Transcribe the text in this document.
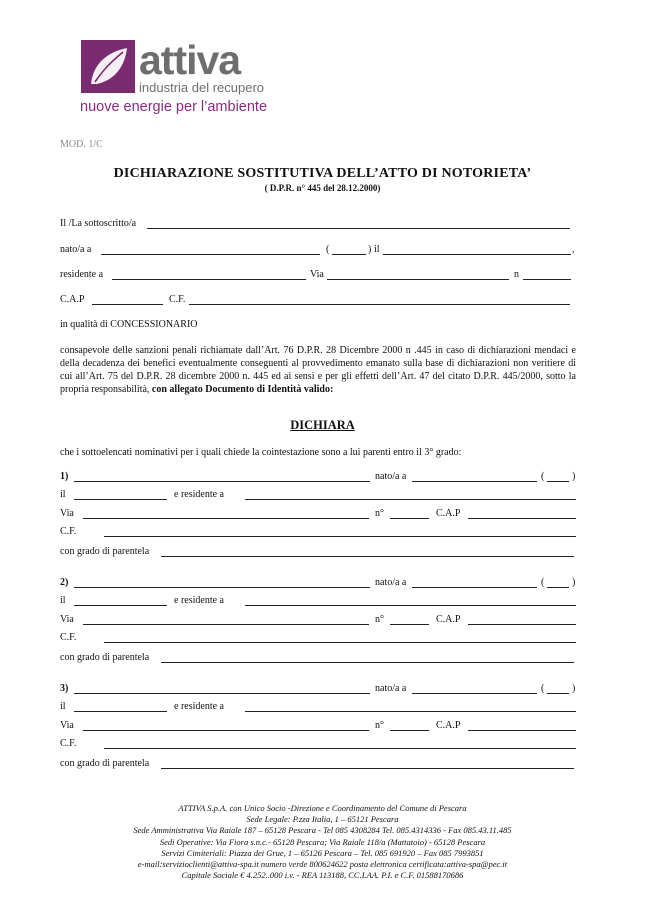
attiva
industria del recupero
nuove energie per l’ambiente
MOD. 1/C
DICHIARAZIONE SOSTITUTIVA DELL’ATTO DI NOTORIETA’
( D.P.R. n° 445 del 28.12.2000)
Il /La sottoscritto/a
nato/a a	(	) il	,
residente a	Via	n
C.A.P	C.F.
in qualità di CONCESSIONARIO
consapevole delle sanzioni penali richiamate dall’Art. 76 D.P.R. 28 Dicembre 2000 n .445 in caso di dichiarazioni mendaci e della decadenza dei benefici eventualmente conseguenti al provvedimento emanato sulla base di dichiarazioni non veritiere di cui all’Art. 75 del D.P.R. 28 dicembre 2000 n. 445 ed ai sensi e per gli effetti dell’Art. 47 del citato D.P.R. 445/2000, sotto la propria responsabilità, con allegato Documento di Identità valido:
DICHIARA
che i sottoelencati nominativi per i quali chiede la cointestazione sono a lui parenti entro il 3° grado:
1)	nato/a a	(	)
il	e residente a
Via	n°	C.A.P
C.F.
con grado di parentela
2)	nato/a a	(	)
il	e residente a
Via	n°	C.A.P
C.F.
con grado di parentela
3)	nato/a a	(	)
il	e residente a
Via	n°	C.A.P
C.F.
con grado di parentela
ATTIVA S.p.A. con Unico Socio -Direzione e Coordinamento del Comune di Pescara
Sede Legale: P.zza Italia, 1 – 65121 Pescara
Sede Amministrativa Via Raiale 187 – 65128 Pescara - Tel 085 4308284 Tel. 085.4314336 - Fax 085.43.11.485
Sedi Operative: Via Fiora s.n.c.- 65128 Pescara; Via Raiale 118/a (Mattatoio) - 65128 Pescara
Servizi Cimiteriali: Piazza dei Grue, 1 – 65126 Pescara – Tel. 085 691920 – Fax 085 7993851
e-mail:servizioclienti@attiva-spa.it numero verde 800624622 posta elettronica certificata:attiva-spa@pec.it
Capitale Sociale € 4.252..000 i.v. - REA 113188, CC.I.AA. P.I. e C.F. 01588170686
